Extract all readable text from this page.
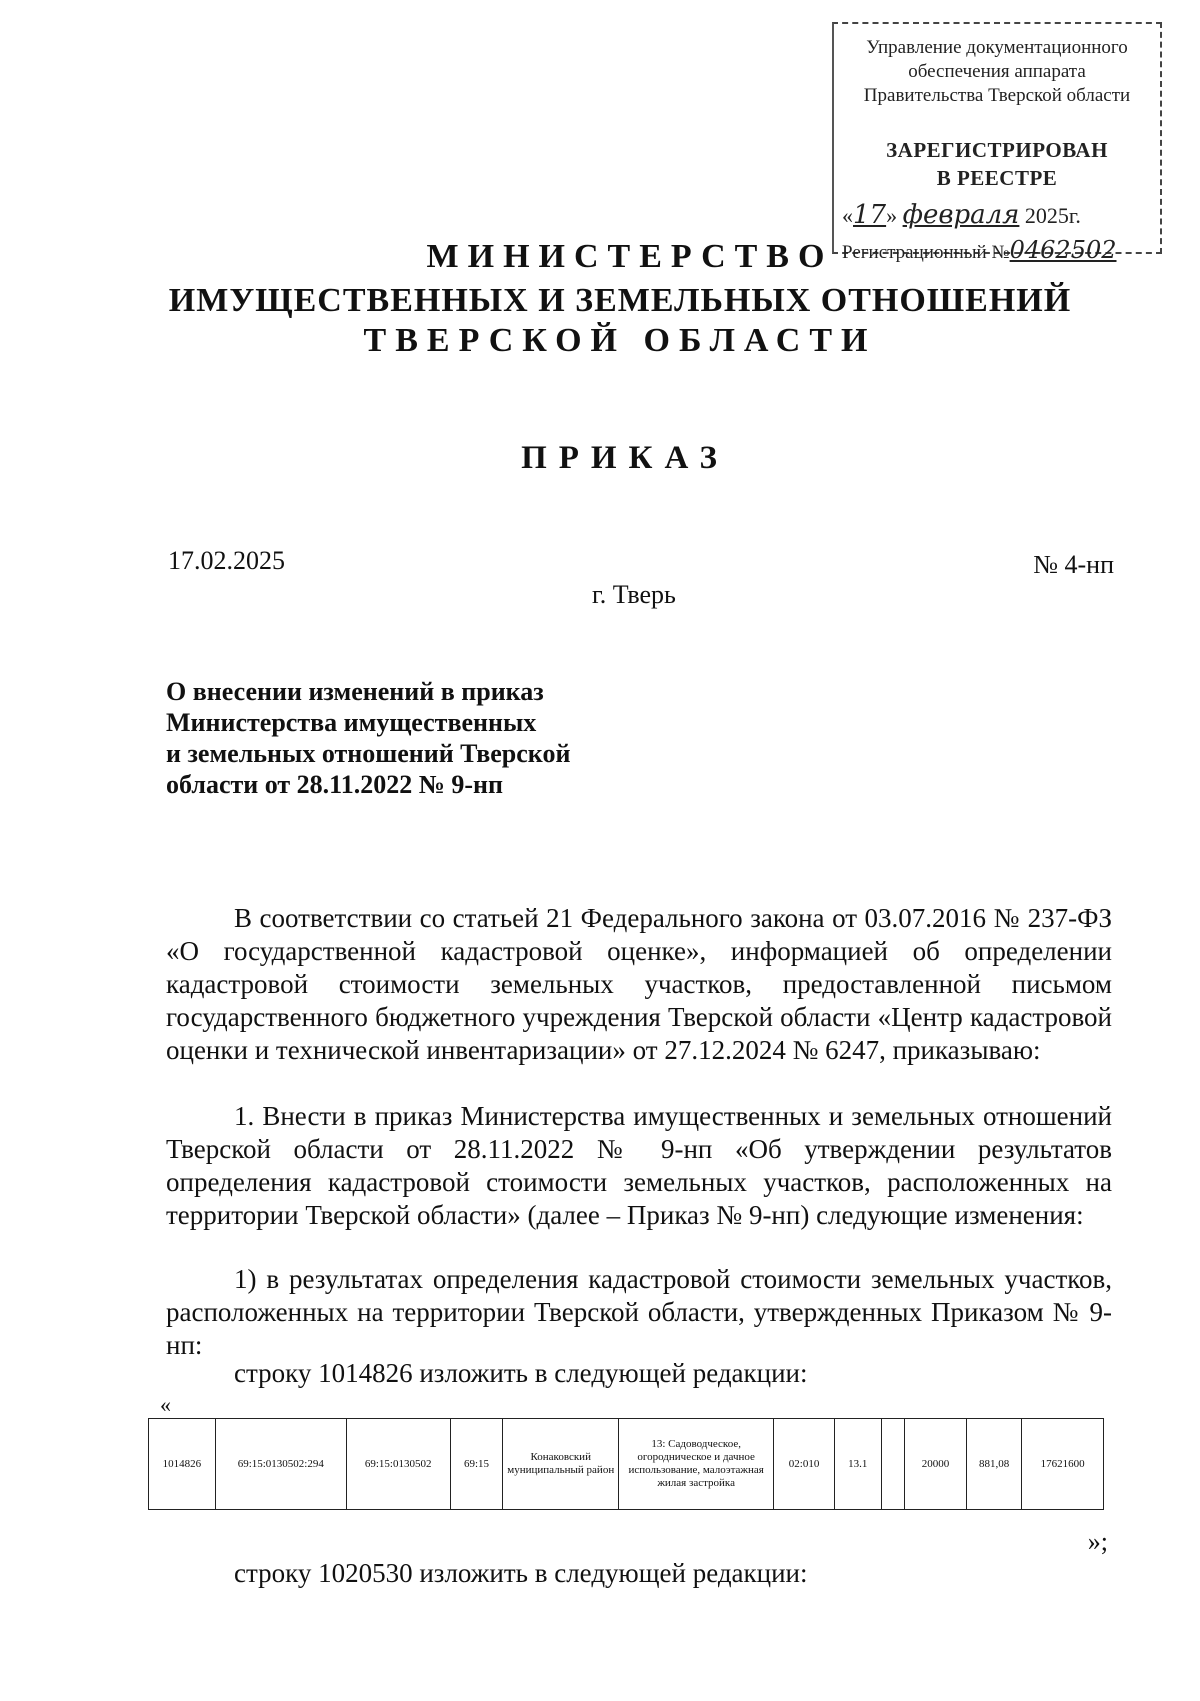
Управление документационного
обеспечения аппарата
Правительства Тверской области
ЗАРЕГИСТРИРОВАН
В РЕЕСТРЕ
«17» февраля 2025г.
Регистрационный №0462502
МИНИСТЕРСТВО
ИМУЩЕСТВЕННЫХ И ЗЕМЕЛЬНЫХ ОТНОШЕНИЙ
ТВЕРСКОЙ ОБЛАСТИ
ПРИКАЗ
17.02.2025	№ 4-нп
г. Тверь
О внесении изменений в приказ
Министерства имущественных
и земельных отношений Тверской
области от 28.11.2022 № 9-нп
В соответствии со статьей 21 Федерального закона от 03.07.2016 № 237-ФЗ «О государственной кадастровой оценке», информацией об определении кадастровой стоимости земельных участков, предоставленной письмом государственного бюджетного учреждения Тверской области «Центр кадастровой оценки и технической инвентаризации» от 27.12.2024 № 6247, приказываю:
1. Внести в приказ Министерства имущественных и земельных отношений Тверской области от 28.11.2022 № 9-нп «Об утверждении результатов определения кадастровой стоимости земельных участков, расположенных на территории Тверской области» (далее – Приказ № 9-нп) следующие изменения:
1) в результатах определения кадастровой стоимости земельных участков, расположенных на территории Тверской области, утвержденных Приказом № 9-нп:
строку 1014826 изложить в следующей редакции:
«
1014826	69:15:0130502:294	69:15:0130502	69:15	Конаковский муниципальный район	13: Садоводческое, огородническое и дачное использование, малоэтажная жилая застройка	02:010	13.1		20000	881,08	17621600
»;
строку 1020530 изложить в следующей редакции:
